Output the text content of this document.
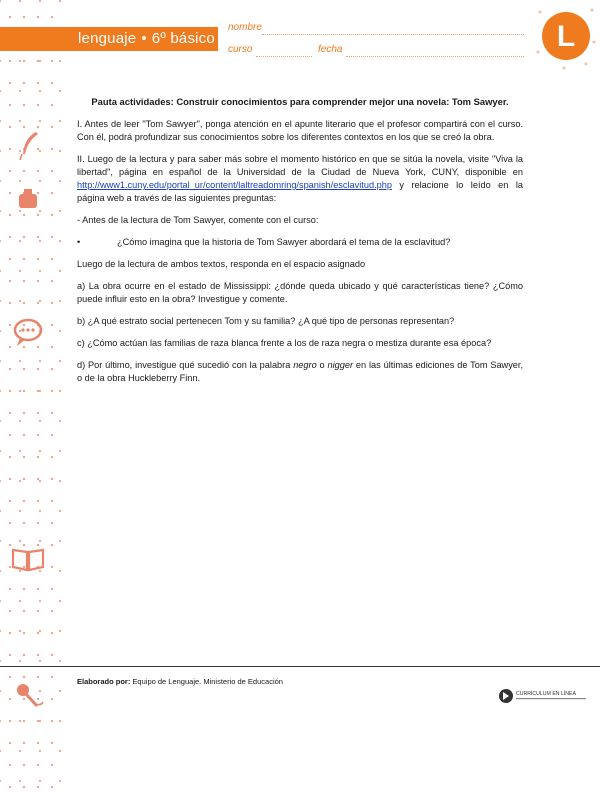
lenguaje • 6º básico
nombre
curso	fecha	L
Pauta actividades: Construir conocimientos para comprender mejor una novela: Tom Sawyer.

I. Antes de leer "Tom Sawyer", ponga atención en el apunte literario que el profesor compartirá con el curso. Con él, podrá profundizar sus conocimientos sobre los diferentes contextos en los que se creó la obra.

II. Luego de la lectura y para saber más sobre el momento histórico en que se sitúa la novela, visite "Viva la libertad", página en español de la Universidad de la Ciudad de Nueva York, CUNY, disponible en http://www1.cuny.edu/portal_ur/content/laltreadomring/spanish/esclavitud.php y relacione lo leído en la página web a través de las siguientes preguntas:

- Antes de la lectura de Tom Sawyer, comente con el curso:

•	¿Cómo imagina que la historia de Tom Sawyer abordará el tema de la esclavitud?

Luego de la lectura de ambos textos, responda en el espacio asignado

a) La obra ocurre en el estado de Mississippi: ¿dónde queda ubicado y qué características tiene? ¿Cómo puede influir esto en la obra? Investigue y comente.

b) ¿A qué estrato social pertenecen Tom y su familia? ¿A qué tipo de personas representan?

c) ¿Cómo actúan las familias de raza blanca frente a los de raza negra o mestiza durante esa época?

d) Por último, investigue qué sucedió con la palabra negro o nigger en las últimas ediciones de Tom Sawyer, o de la obra Huckleberry Finn.

Elaborado por: Equipo de Lenguaje. Ministerio de Educación
CURRÍCULUM EN LÍNEA
